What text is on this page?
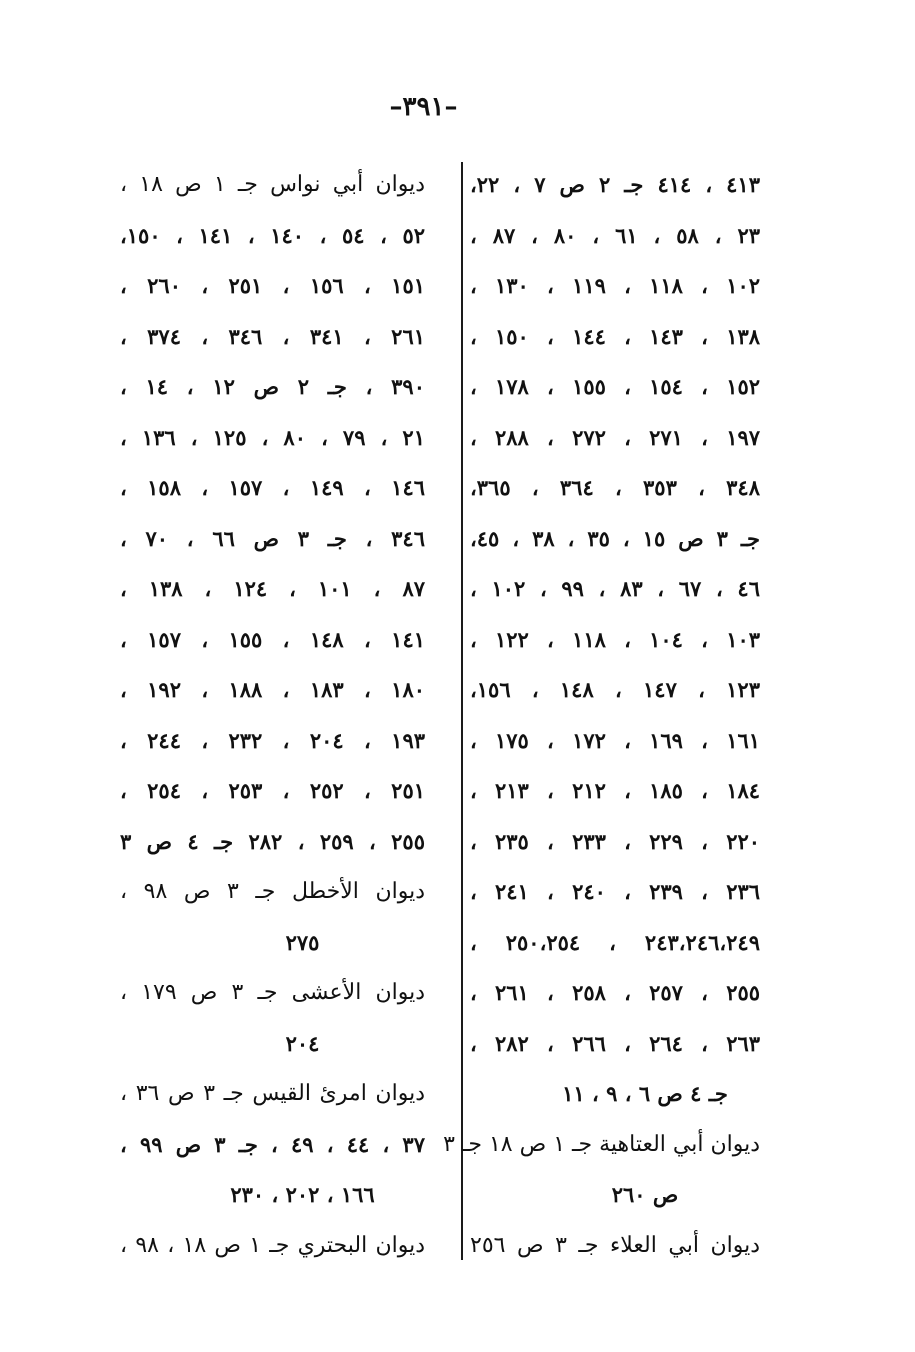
–٣٩١–
٤١٣ ، ٤١٤ جـ ٢ ص ٧ ، ٢٢،
٢٣ ، ٥٨ ، ٦١ ، ٨٠ ، ٨٧ ،
١٠٢ ، ١١٨ ، ١١٩ ، ١٣٠ ،
١٣٨ ، ١٤٣ ، ١٤٤ ، ١٥٠ ،
١٥٢ ، ١٥٤ ، ١٥٥ ، ١٧٨ ،
١٩٧ ، ٢٧١ ، ٢٧٢ ، ٢٨٨ ،
٣٤٨ ، ٣٥٣ ، ٣٦٤ ، ٣٦٥،
جـ ٣ ص ١٥ ، ٣٥ ، ٣٨ ، ٤٥،
٤٦ ، ٦٧ ، ٨٣ ، ٩٩ ، ١٠٢ ،
١٠٣ ، ١٠٤ ، ١١٨ ، ١٢٢ ،
١٢٣ ، ١٤٧ ، ١٤٨ ، ١٥٦،
١٦١ ، ١٦٩ ، ١٧٢ ، ١٧٥ ،
١٨٤ ، ١٨٥ ، ٢١٢ ، ٢١٣ ،
٢٢٠ ، ٢٢٩ ، ٢٣٣ ، ٢٣٥ ،
٢٣٦ ، ٢٣٩ ، ٢٤٠ ، ٢٤١ ،
٢٤٣،٢٤٦،٢٤٩ ، ٢٥٠،٢٥٤ ،
٢٥٥ ، ٢٥٧ ، ٢٥٨ ، ٢٦١ ،
٢٦٣ ، ٢٦٤ ، ٢٦٦ ، ٢٨٢ ،
جـ ٤ ص ٦ ، ٩ ، ١١
ديوان أبي العتاهية جـ ١ ص ١٨ جـ ٣
ص ٢٦٠
ديوان أبي العلاء جـ ٣ ص ٢٥٦
ديوان أبي نواس جـ ١ ص ١٨ ،
٥٢ ، ٥٤ ، ١٤٠ ، ١٤١ ، ١٥٠،
١٥١ ، ١٥٦ ، ٢٥١ ، ٢٦٠ ،
٢٦١ ، ٣٤١ ، ٣٤٦ ، ٣٧٤ ،
٣٩٠ ، جـ ٢ ص ١٢ ، ١٤ ،
٢١ ، ٧٩ ، ٨٠ ، ١٢٥ ، ١٣٦ ،
١٤٦ ، ١٤٩ ، ١٥٧ ، ١٥٨ ،
٣٤٦ ، جـ ٣ ص ٦٦ ، ٧٠ ،
٨٧ ، ١٠١ ، ١٢٤ ، ١٣٨ ،
١٤١ ، ١٤٨ ، ١٥٥ ، ١٥٧ ،
١٨٠ ، ١٨٣ ، ١٨٨ ، ١٩٢ ،
١٩٣ ، ٢٠٤ ، ٢٣٢ ، ٢٤٤ ،
٢٥١ ، ٢٥٢ ، ٢٥٣ ، ٢٥٤ ،
٢٥٥ ، ٢٥٩ ، ٢٨٢ جـ ٤ ص ٣
ديوان الأخطل جـ ٣ ص ٩٨ ،
٢٧٥
ديوان الأعشى جـ ٣ ص ١٧٩ ،
٢٠٤
ديوان امرئ القيس جـ ٣ ص ٣٦ ،
٣٧ ، ٤٤ ، ٤٩ ، جـ ٣ ص ٩٩ ،
١٦٦ ، ٢٠٢ ، ٢٣٠
ديوان البحتري جـ ١ ص ١٨ ، ٩٨ ،
